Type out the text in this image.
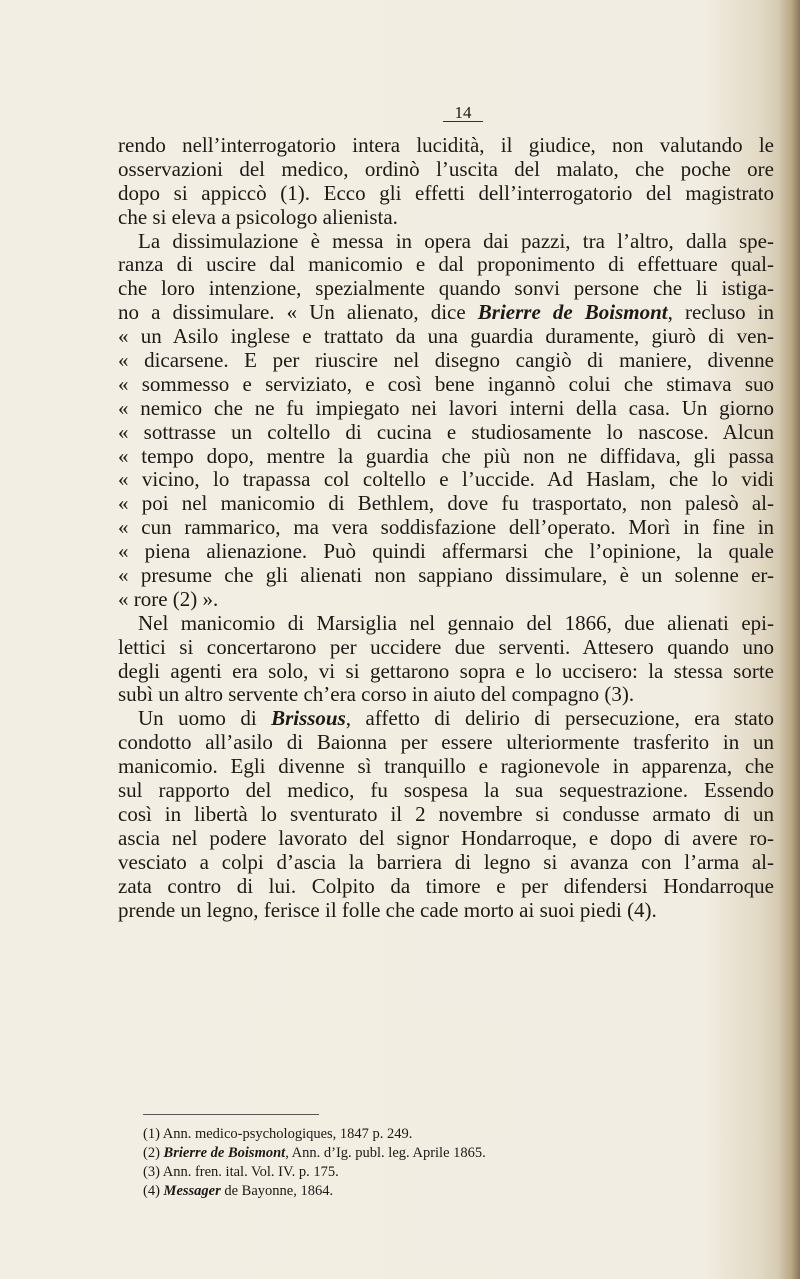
14
rendo nell’interrogatorio intera lucidità, il giudice, non valutando le
osservazioni del medico, ordinò l’uscita del malato, che poche ore
dopo si appiccò (1). Ecco gli effetti dell’interrogatorio del magistrato
che si eleva a psicologo alienista.
La dissimulazione è messa in opera dai pazzi, tra l’altro, dalla spe-
ranza di uscire dal manicomio e dal proponimento di effettuare qual-
che loro intenzione, spezialmente quando sonvi persone che li istiga-
no a dissimulare. « Un alienato, dice Brierre de Boismont, recluso in
« un Asilo inglese e trattato da una guardia duramente, giurò di ven-
« dicarsene. E per riuscire nel disegno cangiò di maniere, divenne
« sommesso e serviziato, e così bene ingannò colui che stimava suo
« nemico che ne fu impiegato nei lavori interni della casa. Un giorno
« sottrasse un coltello di cucina e studiosamente lo nascose. Alcun
« tempo dopo, mentre la guardia che più non ne diffidava, gli passa
« vicino, lo trapassa col coltello e l’uccide. Ad Haslam, che lo vidi
« poi nel manicomio di Bethlem, dove fu trasportato, non palesò al-
« cun rammarico, ma vera soddisfazione dell’operato. Morì in fine in
« piena alienazione. Può quindi affermarsi che l’opinione, la quale
« presume che gli alienati non sappiano dissimulare, è un solenne er-
« rore (2) ».
Nel manicomio di Marsiglia nel gennaio del 1866, due alienati epi-
lettici si concertarono per uccidere due serventi. Attesero quando uno
degli agenti era solo, vi si gettarono sopra e lo uccisero: la stessa sorte
subì un altro servente ch’era corso in aiuto del compagno (3).
Un uomo di Brissous, affetto di delirio di persecuzione, era stato
condotto all’asilo di Baionna per essere ulteriormente trasferito in un
manicomio. Egli divenne sì tranquillo e ragionevole in apparenza, che
sul rapporto del medico, fu sospesa la sua sequestrazione. Essendo
così in libertà lo sventurato il 2 novembre si condusse armato di un
ascia nel podere lavorato del signor Hondarroque, e dopo di avere ro-
vesciato a colpi d’ascia la barriera di legno si avanza con l’arma al-
zata contro di lui. Colpito da timore e per difendersi Hondarroque
prende un legno, ferisce il folle che cade morto ai suoi piedi (4).
(1) Ann. medico-psychologiques, 1847 p. 249.
(2) Brierre de Boismont, Ann. d’Ig. publ. leg. Aprile 1865.
(3) Ann. fren. ital. Vol. IV. p. 175.
(4) Messager de Bayonne, 1864.
